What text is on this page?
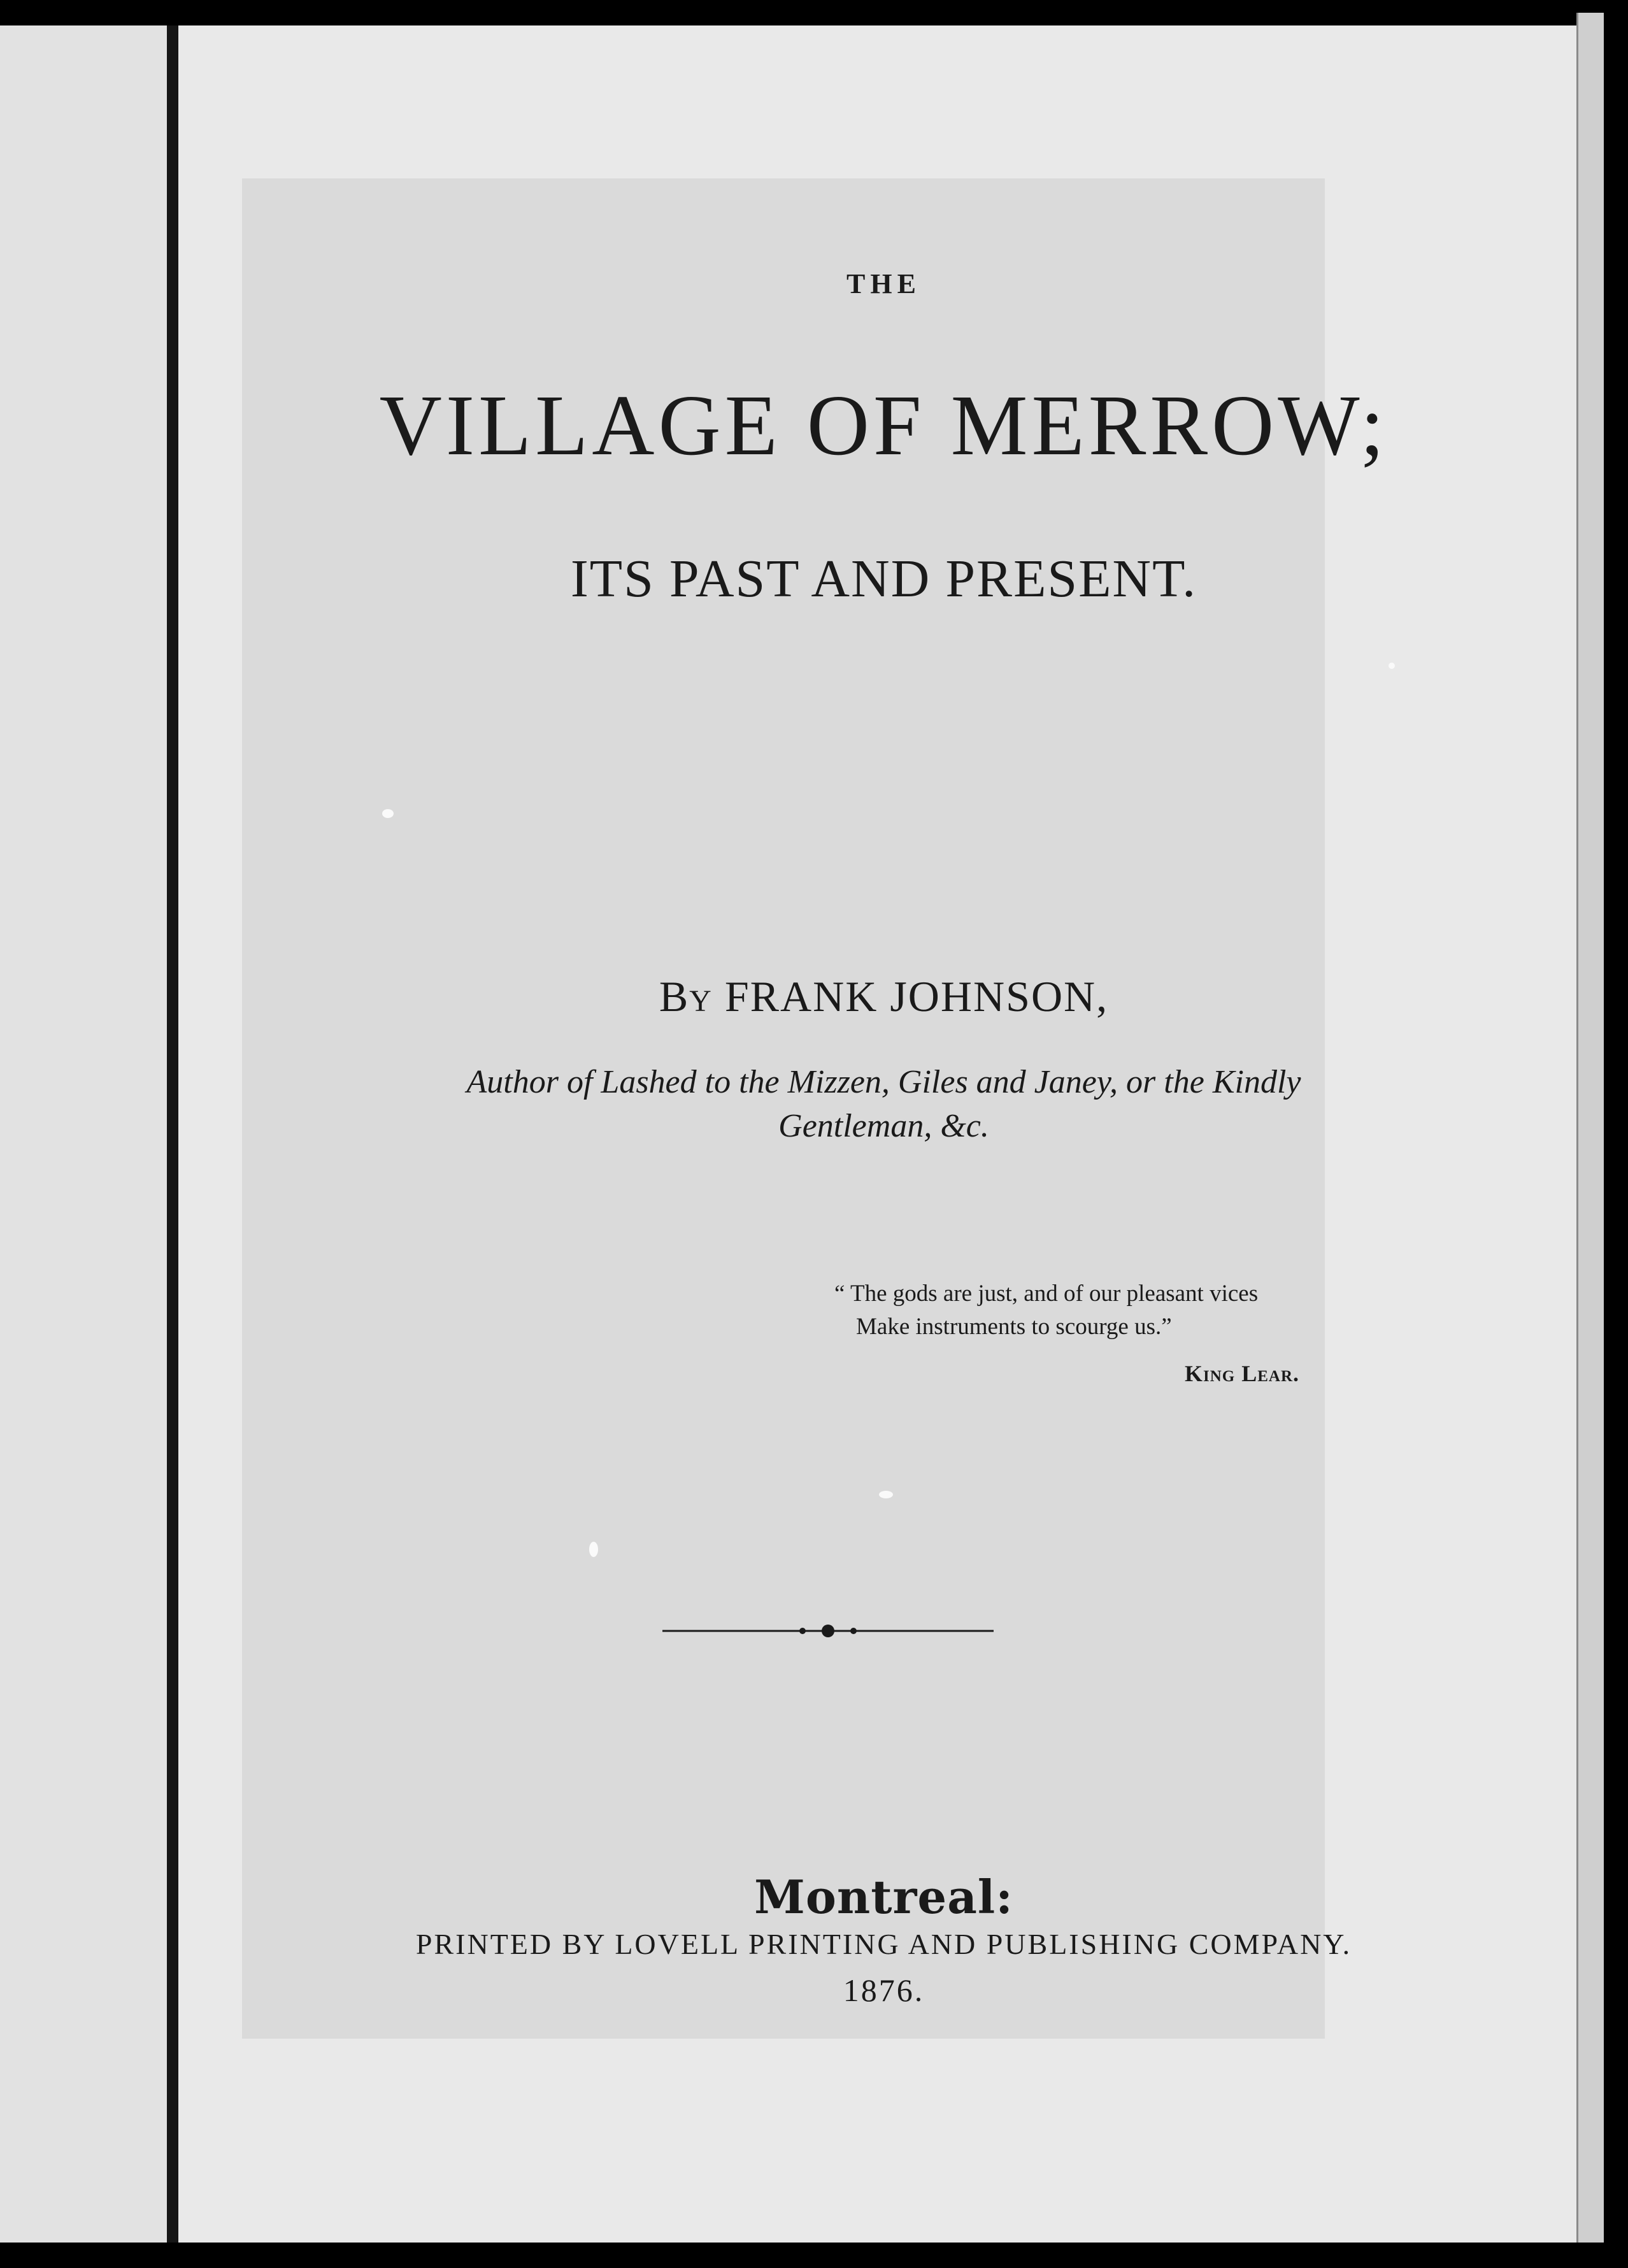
THE
VILLAGE OF MERROW;
ITS PAST AND PRESENT.
By FRANK JOHNSON,
Author of Lashed to the Mizzen, Giles and Janey, or the Kindly Gentleman, &c.
“ The gods are just, and of our pleasant vices
Make instruments to scourge us.”
King Lear.
Montreal:
PRINTED BY LOVELL PRINTING AND PUBLISHING COMPANY.
1876.
